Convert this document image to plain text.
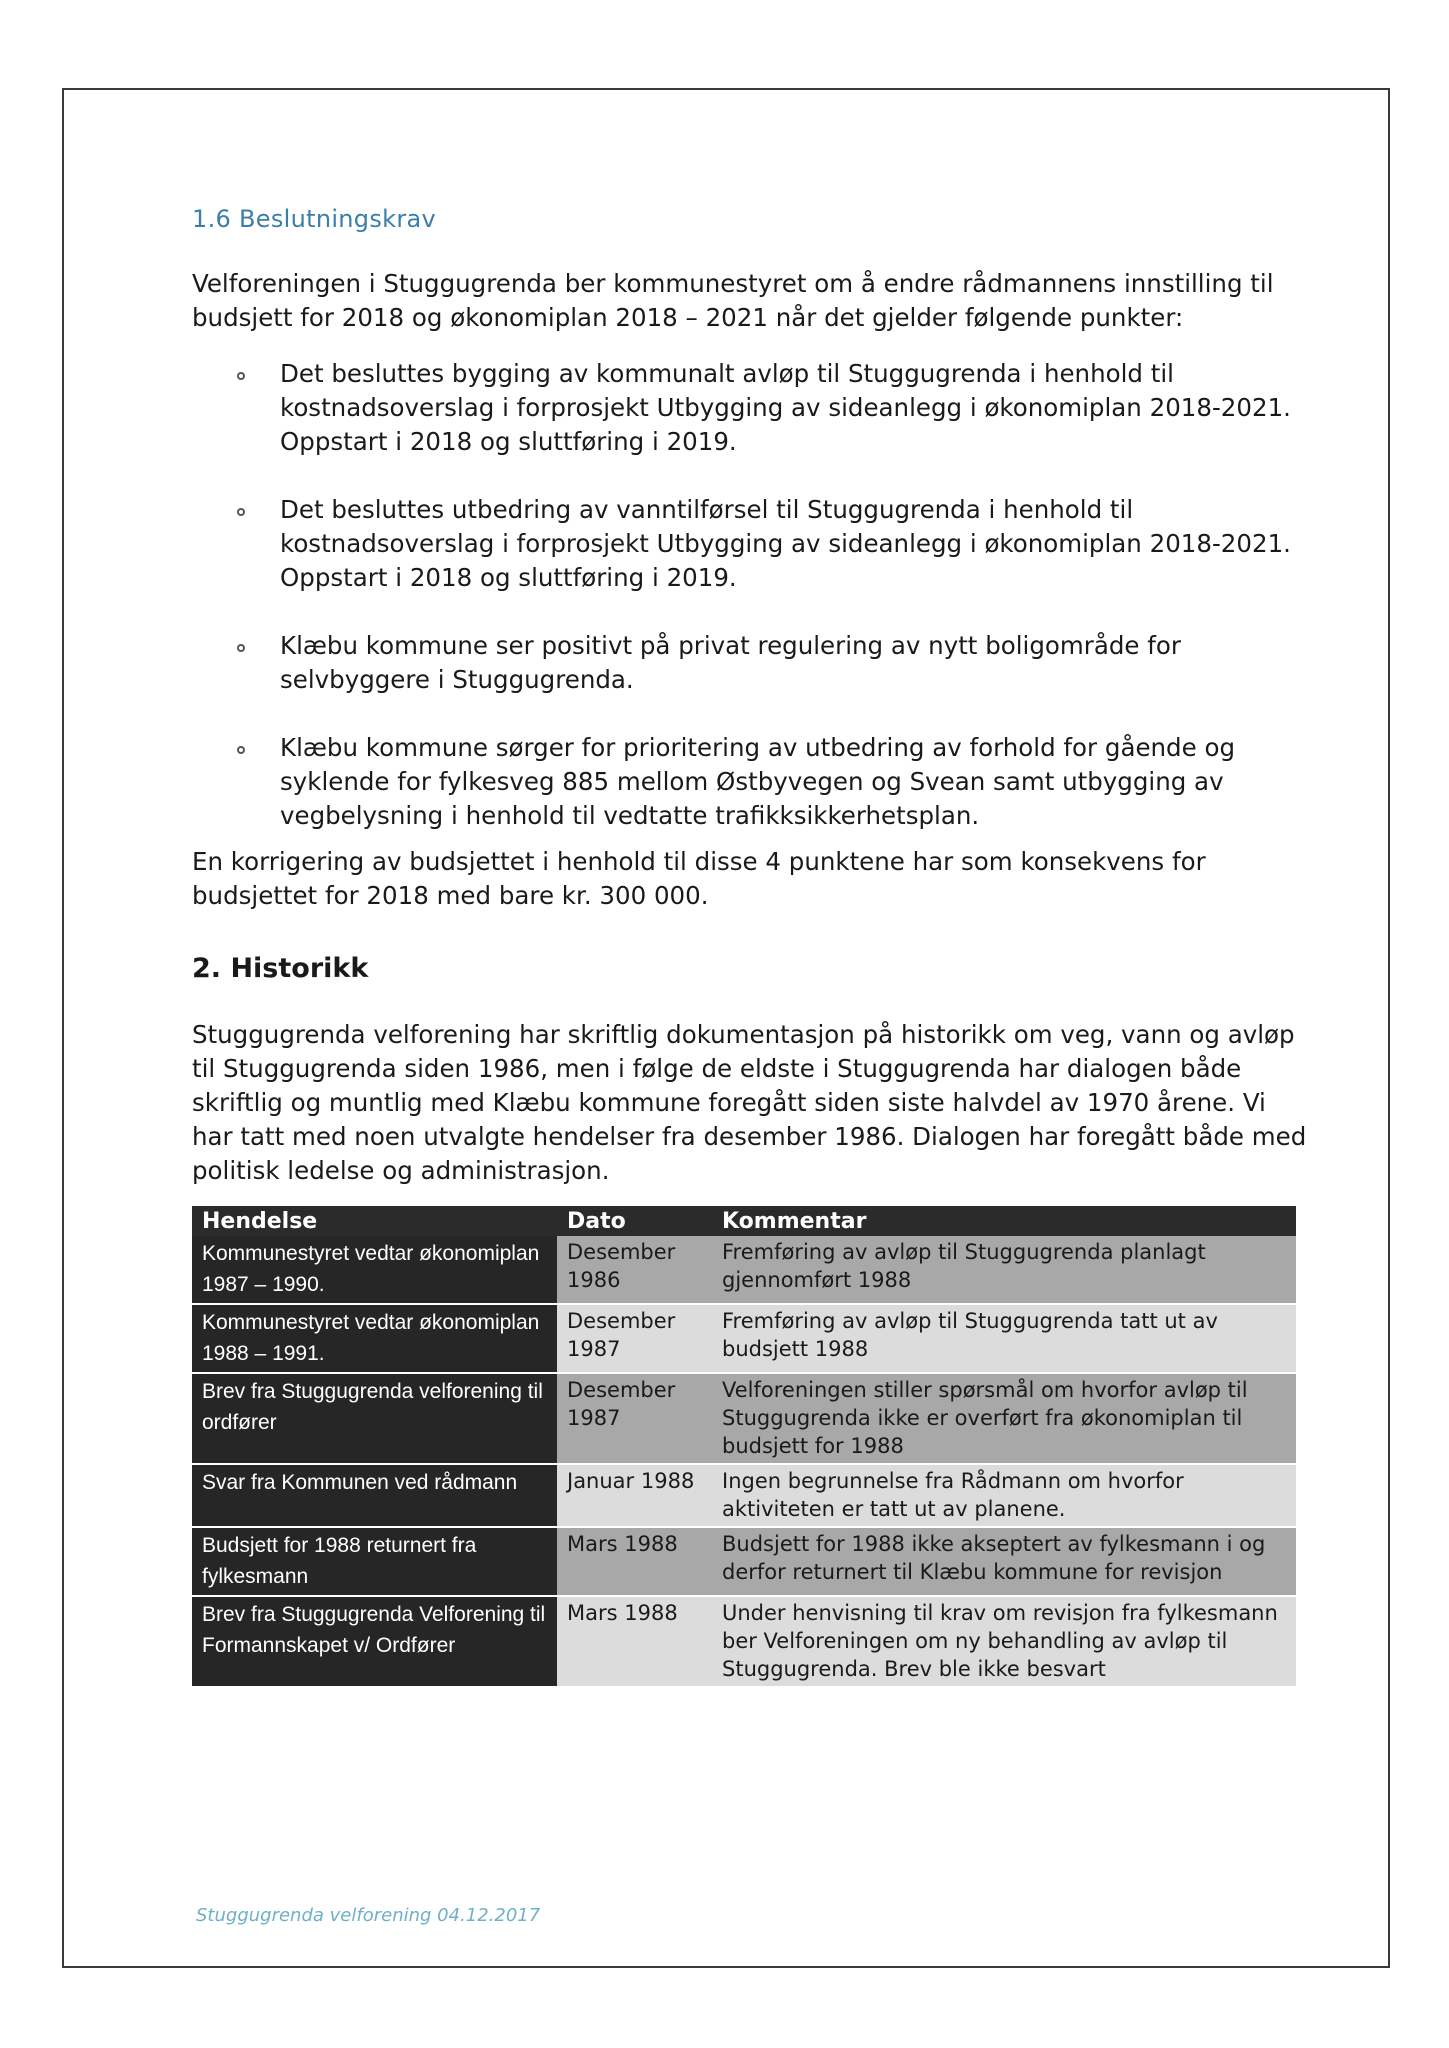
1.6 Beslutningskrav

Velforeningen i Stuggugrenda ber kommunestyret om å endre rådmannens innstilling til budsjett for 2018 og økonomiplan 2018 – 2021 når det gjelder følgende punkter:

Det besluttes bygging av kommunalt avløp til Stuggugrenda i henhold til kostnadsoverslag i forprosjekt Utbygging av sideanlegg i økonomiplan 2018-2021. Oppstart i 2018 og sluttføring i 2019.
Det besluttes utbedring av vanntilførsel til Stuggugrenda i henhold til kostnadsoverslag i forprosjekt Utbygging av sideanlegg i økonomiplan 2018-2021. Oppstart i 2018 og sluttføring i 2019.
Klæbu kommune ser positivt på privat regulering av nytt boligområde for selvbyggere i Stuggugrenda.
Klæbu kommune sørger for prioritering av utbedring av forhold for gående og syklende for fylkesveg 885 mellom Østbyvegen og Svean samt utbygging av vegbelysning i henhold til vedtatte trafikksikkerhetsplan.

En korrigering av budsjettet i henhold til disse 4 punktene har som konsekvens for budsjettet for 2018 med bare kr. 300 000.

2. Historikk

Stuggugrenda velforening har skriftlig dokumentasjon på historikk om veg, vann og avløp til Stuggugrenda siden 1986, men i følge de eldste i Stuggugrenda har dialogen både skriftlig og muntlig med Klæbu kommune foregått siden siste halvdel av 1970 årene. Vi har tatt med noen utvalgte hendelser fra desember 1986. Dialogen har foregått både med politisk ledelse og administrasjon.

Hendelse	Dato	Kommentar
Kommunestyret vedtar økonomiplan 1987 – 1990.	Desember 1986	Fremføring av avløp til Stuggugrenda planlagt gjennomført 1988
Kommunestyret vedtar økonomiplan 1988 – 1991.	Desember 1987	Fremføring av avløp til Stuggugrenda tatt ut av budsjett 1988
Brev fra Stuggugrenda velforening til ordfører	Desember 1987	Velforeningen stiller spørsmål om hvorfor avløp til Stuggugrenda ikke er overført fra økonomiplan til budsjett for 1988
Svar fra Kommunen ved rådmann	Januar 1988	Ingen begrunnelse fra Rådmann om hvorfor aktiviteten er tatt ut av planene.
Budsjett for 1988 returnert fra fylkesmann	Mars 1988	Budsjett for 1988 ikke akseptert av fylkesmann i og derfor returnert til Klæbu kommune for revisjon
Brev fra Stuggugrenda Velforening til Formannskapet v/ Ordfører	Mars 1988	Under henvisning til krav om revisjon fra fylkesmann ber Velforeningen om ny behandling av avløp til Stuggugrenda. Brev ble ikke besvart
Stuggugrenda velforening 04.12.2017
